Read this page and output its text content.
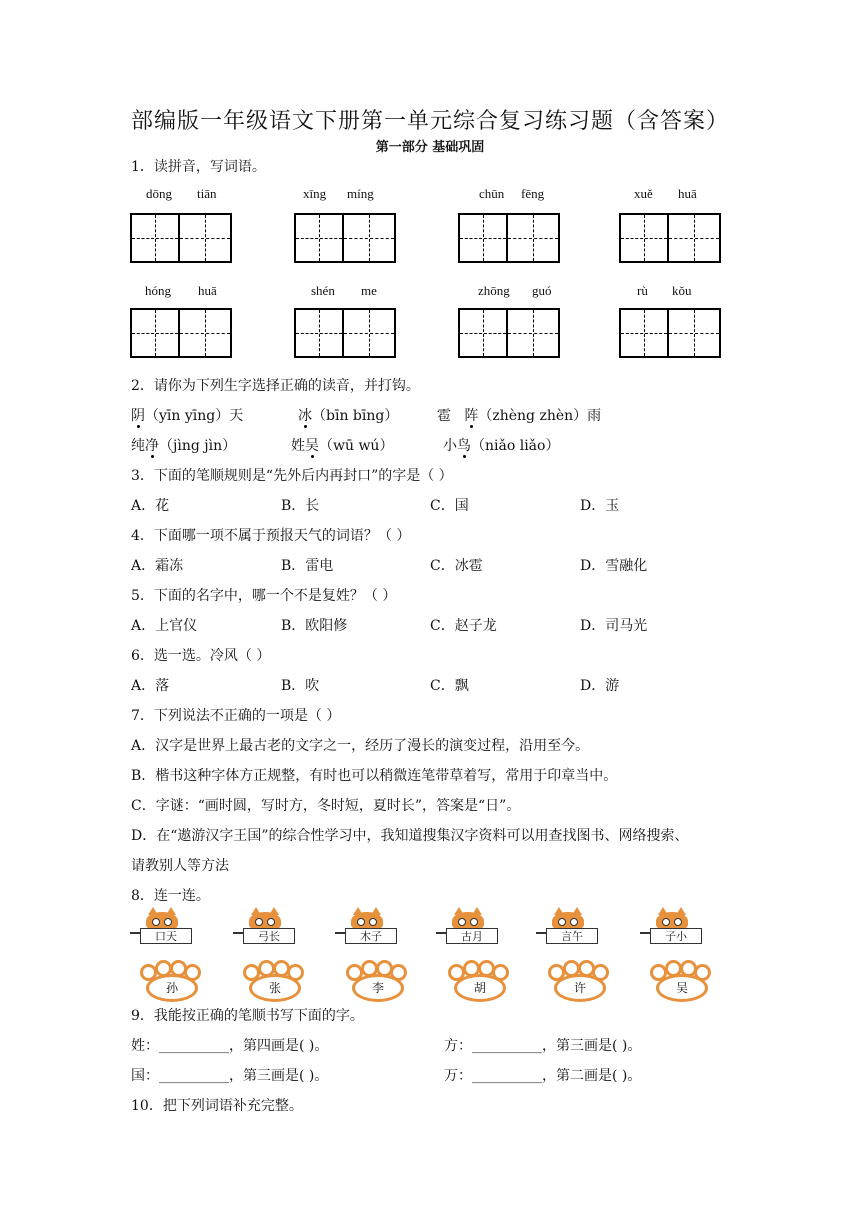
部编版一年级语文下册第一单元综合复习练习题（含答案）
第一部分 基础巩固
1．读拼音，写词语。
dōng tiān	xīng míng	chūn fēng	xuě huā
hóng huā	shén me	zhōng guó	rù kǒu
2．请你为下列生字选择正确的读音，并打钩。
阴（yīn yīng）天	冰（bīn bīng）	雹 阵（zhèng zhèn）雨
纯净（jìng jìn）	姓吴（wū wú）	小鸟（niǎo liǎo）
3．下面的笔顺规则是“先外后内再封口”的字是（ ）
A．花	B．长	C．国	D．玉
4．下面哪一项不属于预报天气的词语？（ ）
A．霜冻	B．雷电	C．冰雹	D．雪融化
5．下面的名字中，哪一个不是复姓？（ ）
A．上官仪	B．欧阳修	C．赵子龙	D．司马光
6．选一选。冷风（ ）
A．落	B．吹	C．飘	D．游
7．下列说法不正确的一项是（ ）
A．汉字是世界上最古老的文字之一，经历了漫长的演变过程，沿用至今。
B．楷书这种字体方正规整，有时也可以稍微连笔带草着写，常用于印章当中。
C．字谜：“画时圆，写时方，冬时短，夏时长”，答案是“日”。
D．在“遨游汉字王国”的综合性学习中，我知道搜集汉字资料可以用查找图书、网络搜索、
请教别人等方法
8．连一连。
口天	弓长	木子	古月	言午	子小
孙	张	李	胡	许	吴
9．我能按正确的笔顺书写下面的字。
姓：__________，第四画是( )。	方：__________，第三画是( )。
国：__________，第三画是( )。	万：__________，第二画是( )。
10．把下列词语补充完整。
